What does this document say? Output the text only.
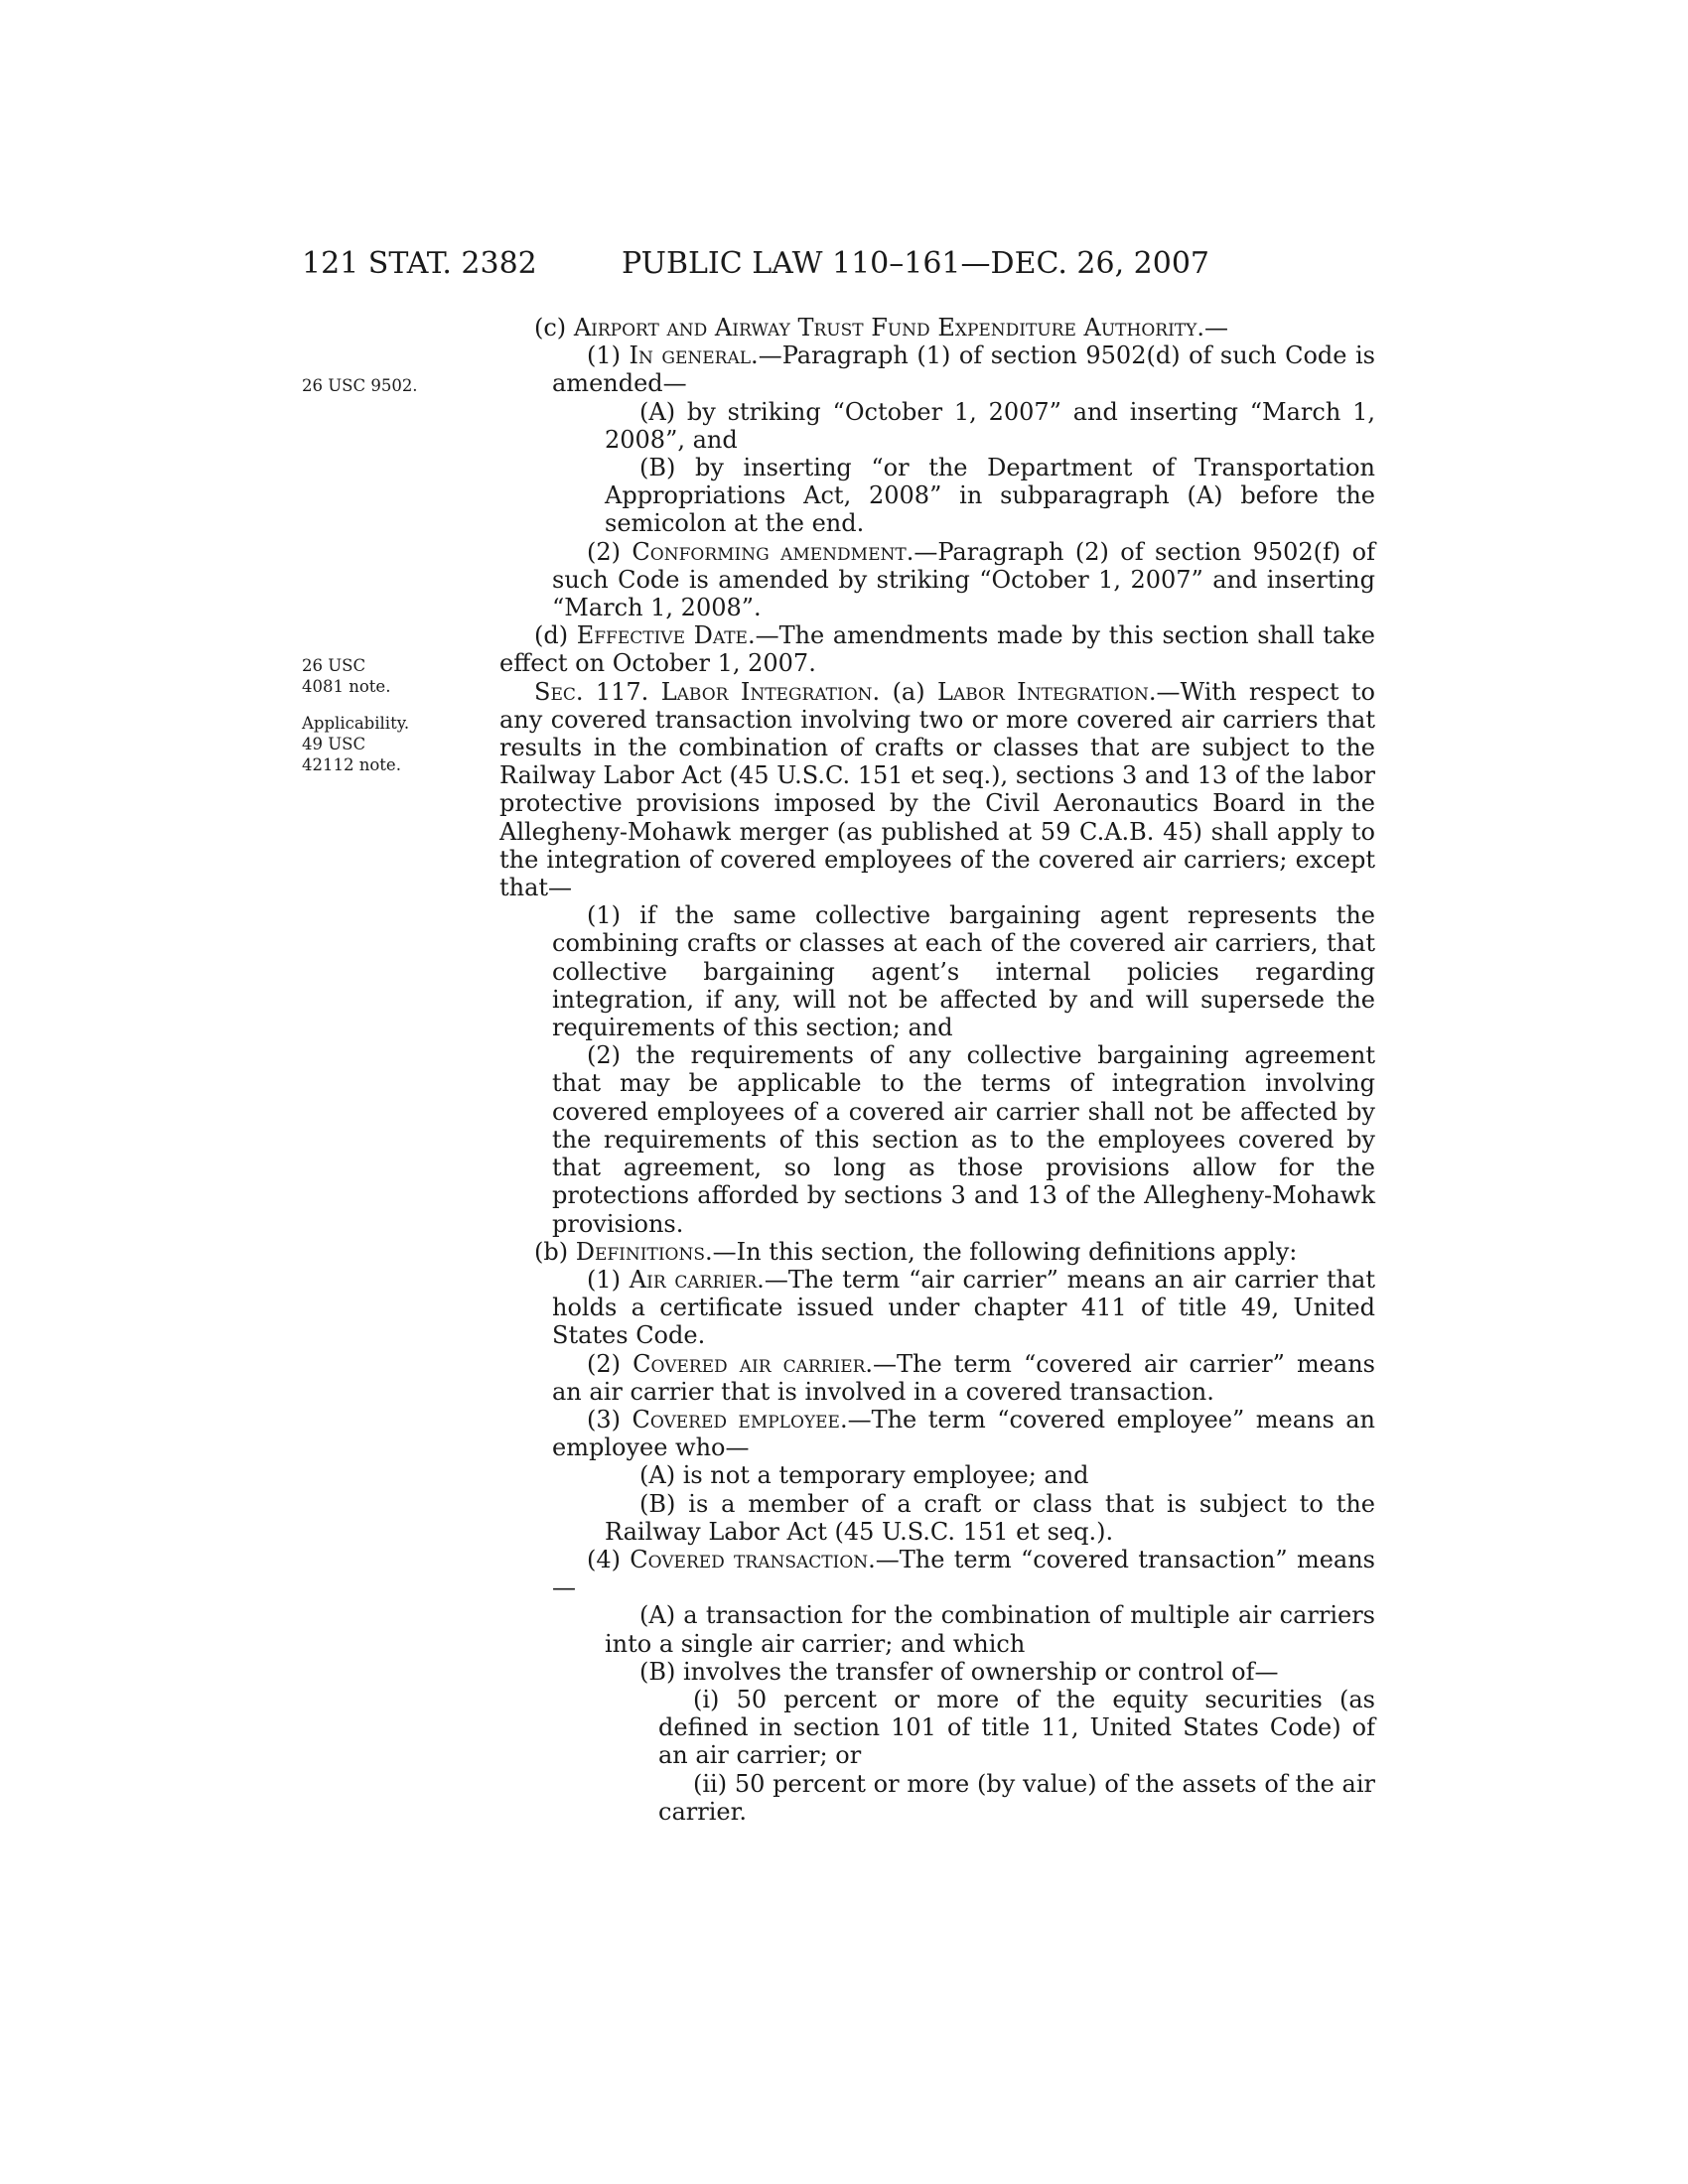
121 STAT. 2382	PUBLIC LAW 110–161—DEC. 26, 2007
26 USC 9502.
26 USC 4081 note.
Applicability.
49 USC 42112 note.

(c) Airport and Airway Trust Fund Expenditure Authority.—

(1) In general.—Paragraph (1) of section 9502(d) of such Code is amended—

(A) by striking “October 1, 2007” and inserting “March 1, 2008”, and

(B) by inserting “or the Department of Transportation Appropriations Act, 2008” in subparagraph (A) before the semicolon at the end.

(2) Conforming amendment.—Paragraph (2) of section 9502(f) of such Code is amended by striking “October 1, 2007” and inserting “March 1, 2008”.

(d) Effective Date.—The amendments made by this section shall take effect on October 1, 2007.

Sec. 117. Labor Integration. (a) Labor Integration.—With respect to any covered transaction involving two or more covered air carriers that results in the combination of crafts or classes that are subject to the Railway Labor Act (45 U.S.C. 151 et seq.), sections 3 and 13 of the labor protective provisions imposed by the Civil Aeronautics Board in the Allegheny-Mohawk merger (as published at 59 C.A.B. 45) shall apply to the integration of covered employees of the covered air carriers; except that—

(1) if the same collective bargaining agent represents the combining crafts or classes at each of the covered air carriers, that collective bargaining agent’s internal policies regarding integration, if any, will not be affected by and will supersede the requirements of this section; and

(2) the requirements of any collective bargaining agreement that may be applicable to the terms of integration involving covered employees of a covered air carrier shall not be affected by the requirements of this section as to the employees covered by that agreement, so long as those provisions allow for the protections afforded by sections 3 and 13 of the Allegheny-Mohawk provisions.

(b) Definitions.—In this section, the following definitions apply:

(1) Air carrier.—The term “air carrier” means an air carrier that holds a certificate issued under chapter 411 of title 49, United States Code.

(2) Covered air carrier.—The term “covered air carrier” means an air carrier that is involved in a covered transaction.

(3) Covered employee.—The term “covered employee” means an employee who—

(A) is not a temporary employee; and

(B) is a member of a craft or class that is subject to the Railway Labor Act (45 U.S.C. 151 et seq.).

(4) Covered transaction.—The term “covered transaction” means—

(A) a transaction for the combination of multiple air carriers into a single air carrier; and which

(B) involves the transfer of ownership or control of—

(i) 50 percent or more of the equity securities (as defined in section 101 of title 11, United States Code) of an air carrier; or

(ii) 50 percent or more (by value) of the assets of the air carrier.
